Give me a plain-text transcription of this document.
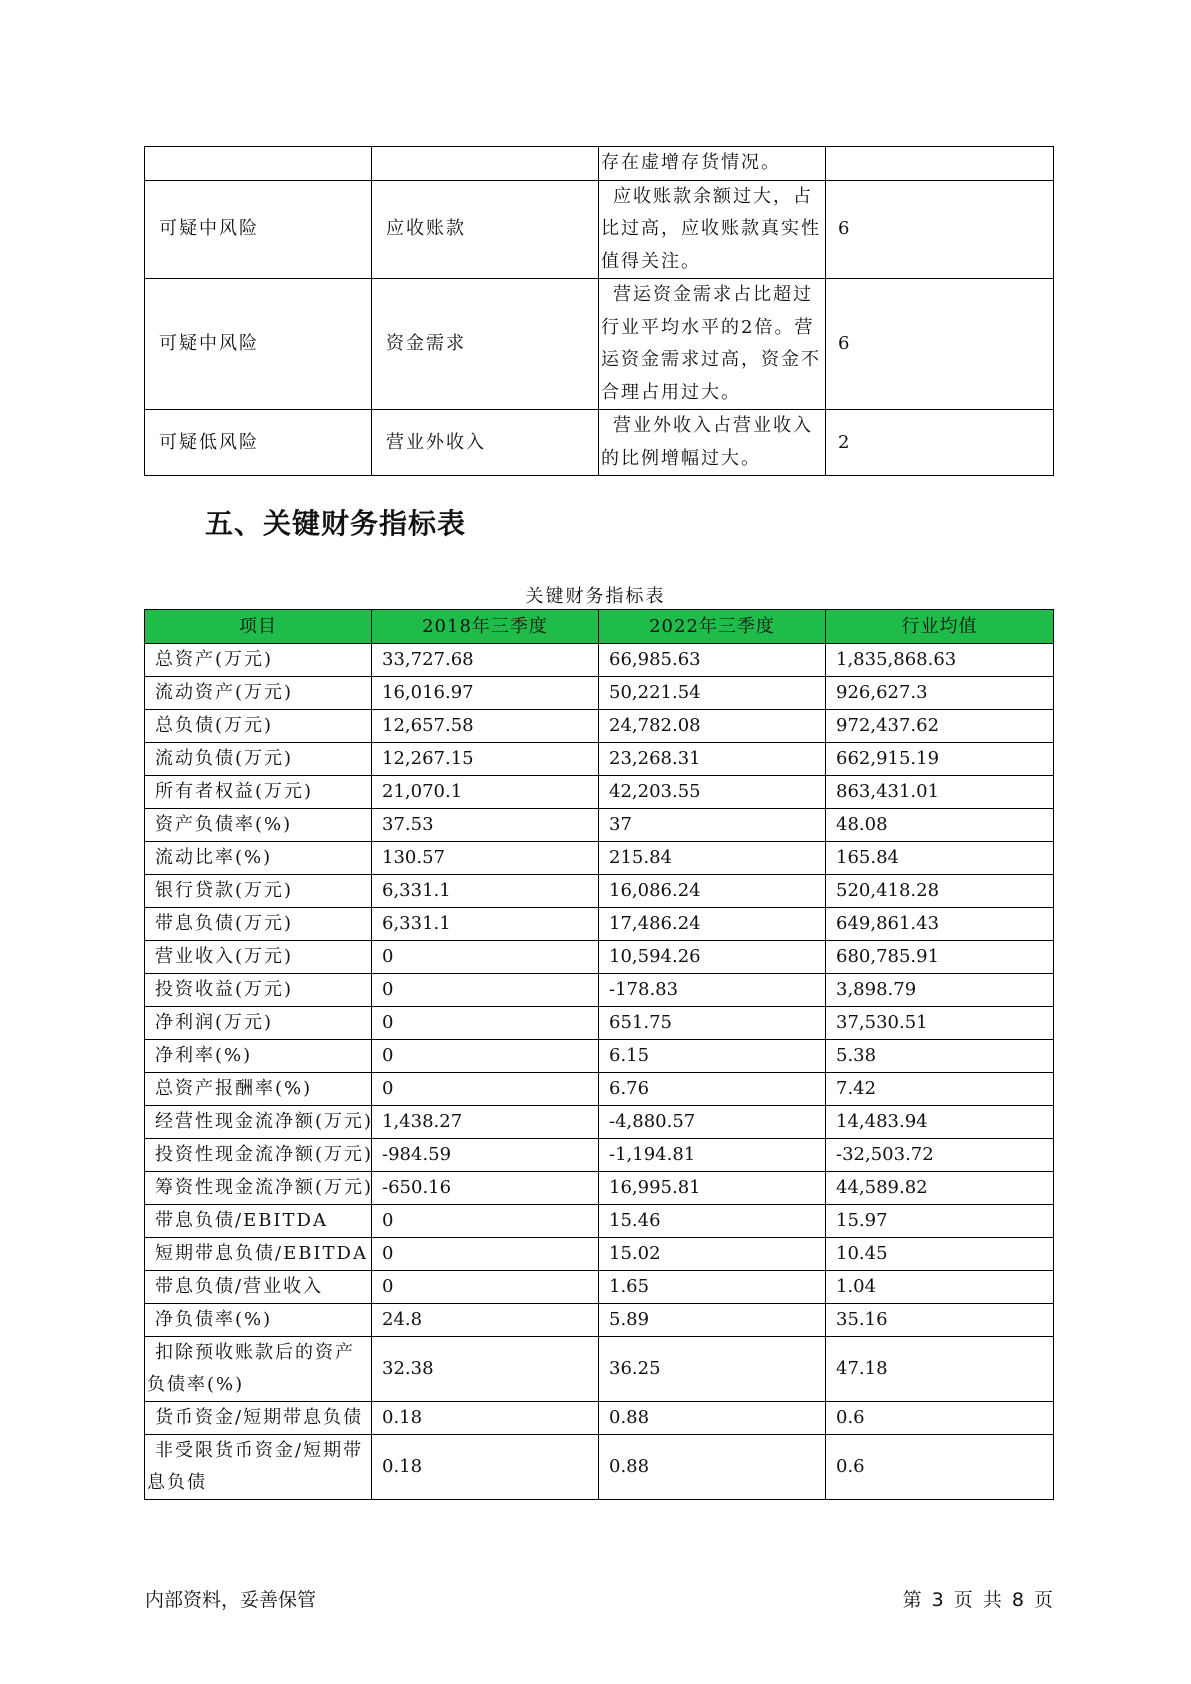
		存在虚增存货情况。	
可疑中风险	应收账款	应收账款余额过大，占比过高，应收账款真实性值得关注。	6
可疑中风险	资金需求	营运资金需求占比超过行业平均水平的2倍。营运资金需求过高，资金不合理占用过大。	6
可疑低风险	营业外收入	营业外收入占营业收入的比例增幅过大。	2
五、关键财务指标表
关键财务指标表
项目	2018年三季度	2022年三季度	行业均值
总资产(万元)	33,727.68	66,985.63	1,835,868.63
流动资产(万元)	16,016.97	50,221.54	926,627.3
总负债(万元)	12,657.58	24,782.08	972,437.62
流动负债(万元)	12,267.15	23,268.31	662,915.19
所有者权益(万元)	21,070.1	42,203.55	863,431.01
资产负债率(%)	37.53	37	48.08
流动比率(%)	130.57	215.84	165.84
银行贷款(万元)	6,331.1	16,086.24	520,418.28
带息负债(万元)	6,331.1	17,486.24	649,861.43
营业收入(万元)	0	10,594.26	680,785.91
投资收益(万元)	0	-178.83	3,898.79
净利润(万元)	0	651.75	37,530.51
净利率(%)	0	6.15	5.38
总资产报酬率(%)	0	6.76	7.42
经营性现金流净额(万元)	1,438.27	-4,880.57	14,483.94
投资性现金流净额(万元)	-984.59	-1,194.81	-32,503.72
筹资性现金流净额(万元)	-650.16	16,995.81	44,589.82
带息负债/EBITDA	0	15.46	15.97
短期带息负债/EBITDA	0	15.02	10.45
带息负债/营业收入	0	1.65	1.04
净负债率(%)	24.8	5.89	35.16
扣除预收账款后的资产负债率(%)	32.38	36.25	47.18
货币资金/短期带息负债	0.18	0.88	0.6
非受限货币资金/短期带息负债	0.18	0.88	0.6
内部资料，妥善保管	第 3 页 共 8 页
